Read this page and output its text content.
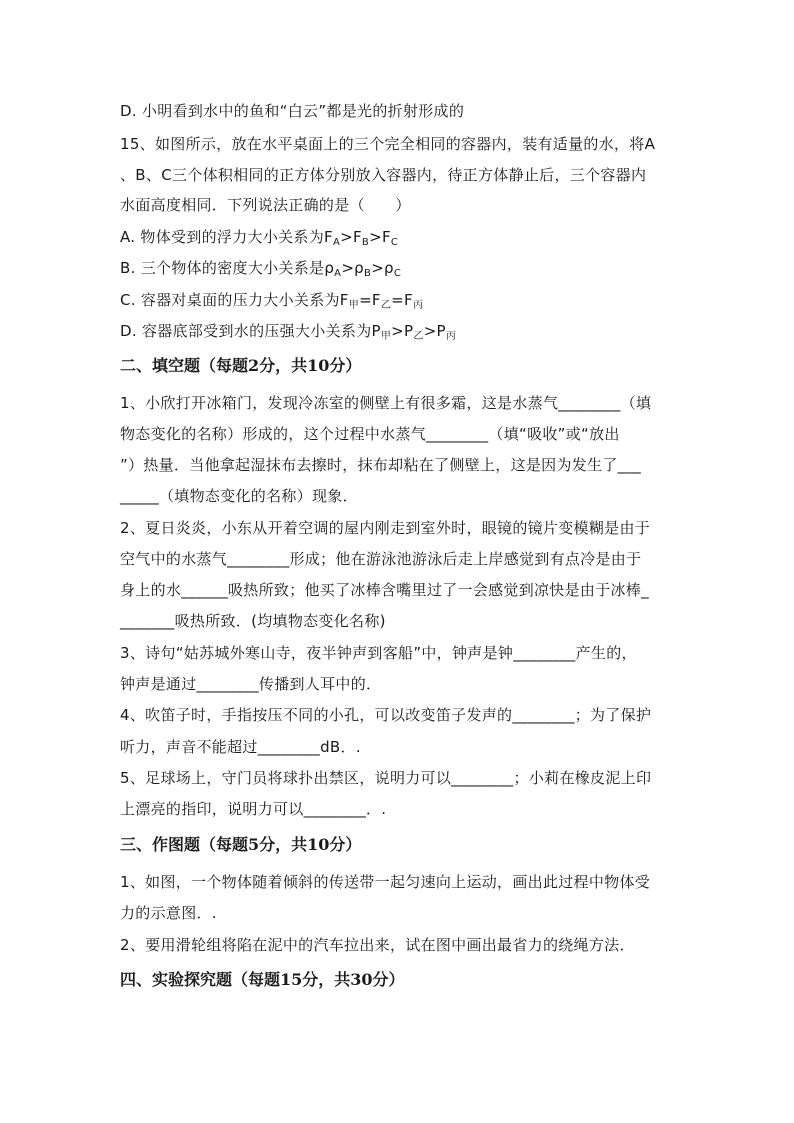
D. 小明看到水中的鱼和“白云”都是光的折射形成的
15、如图所示，放在水平桌面上的三个完全相同的容器内，装有适量的水，将A
、B、C三个体积相同的正方体分别放入容器内，待正方体静止后，三个容器内
水面高度相同．下列说法正确的是（　　）
A. 物体受到的浮力大小关系为$F_A>F_B>F_C$
B. 三个物体的密度大小关系是$\rho_A>\rho_B>\rho_C$
C. 容器对桌面的压力大小关系为$F_甲=F_乙=F_丙$
D. 容器底部受到水的压强大小关系为$P_甲>P_乙>P_丙$
二、填空题（每题2分，共10分）
1、小欣打开冰箱门，发现冷冻室的侧壁上有很多霜，这是水蒸气________（填
物态变化的名称）形成的，这个过程中水蒸气________（填“吸收”或“放出
”）热量．当他拿起湿抹布去擦时，抹布却粘在了侧壁上，这是因为发生了___
_____（填物态变化的名称）现象．
2、夏日炎炎，小东从开着空调的屋内刚走到室外时，眼镜的镜片变模糊是由于
空气中的水蒸气________形成；他在游泳池游泳后走上岸感觉到有点冷是由于
身上的水______吸热所致；他买了冰棒含嘴里过了一会感觉到凉快是由于冰棒_
_______吸热所致．(均填物态变化名称)
3、诗句“姑苏城外寒山寺，夜半钟声到客船”中，钟声是钟________产生的，
钟声是通过________传播到人耳中的．
4、吹笛子时，手指按压不同的小孔，可以改变笛子发声的________；为了保护
听力，声音不能超过________dB．.
5、足球场上，守门员将球扑出禁区，说明力可以________；小莉在橡皮泥上印
上漂亮的指印，说明力可以________．.
三、作图题（每题5分，共10分）
1、如图，一个物体随着倾斜的传送带一起匀速向上运动，画出此过程中物体受
力的示意图．.
2、要用滑轮组将陷在泥中的汽车拉出来，试在图中画出最省力的绕绳方法．
四、实验探究题（每题15分，共30分）
